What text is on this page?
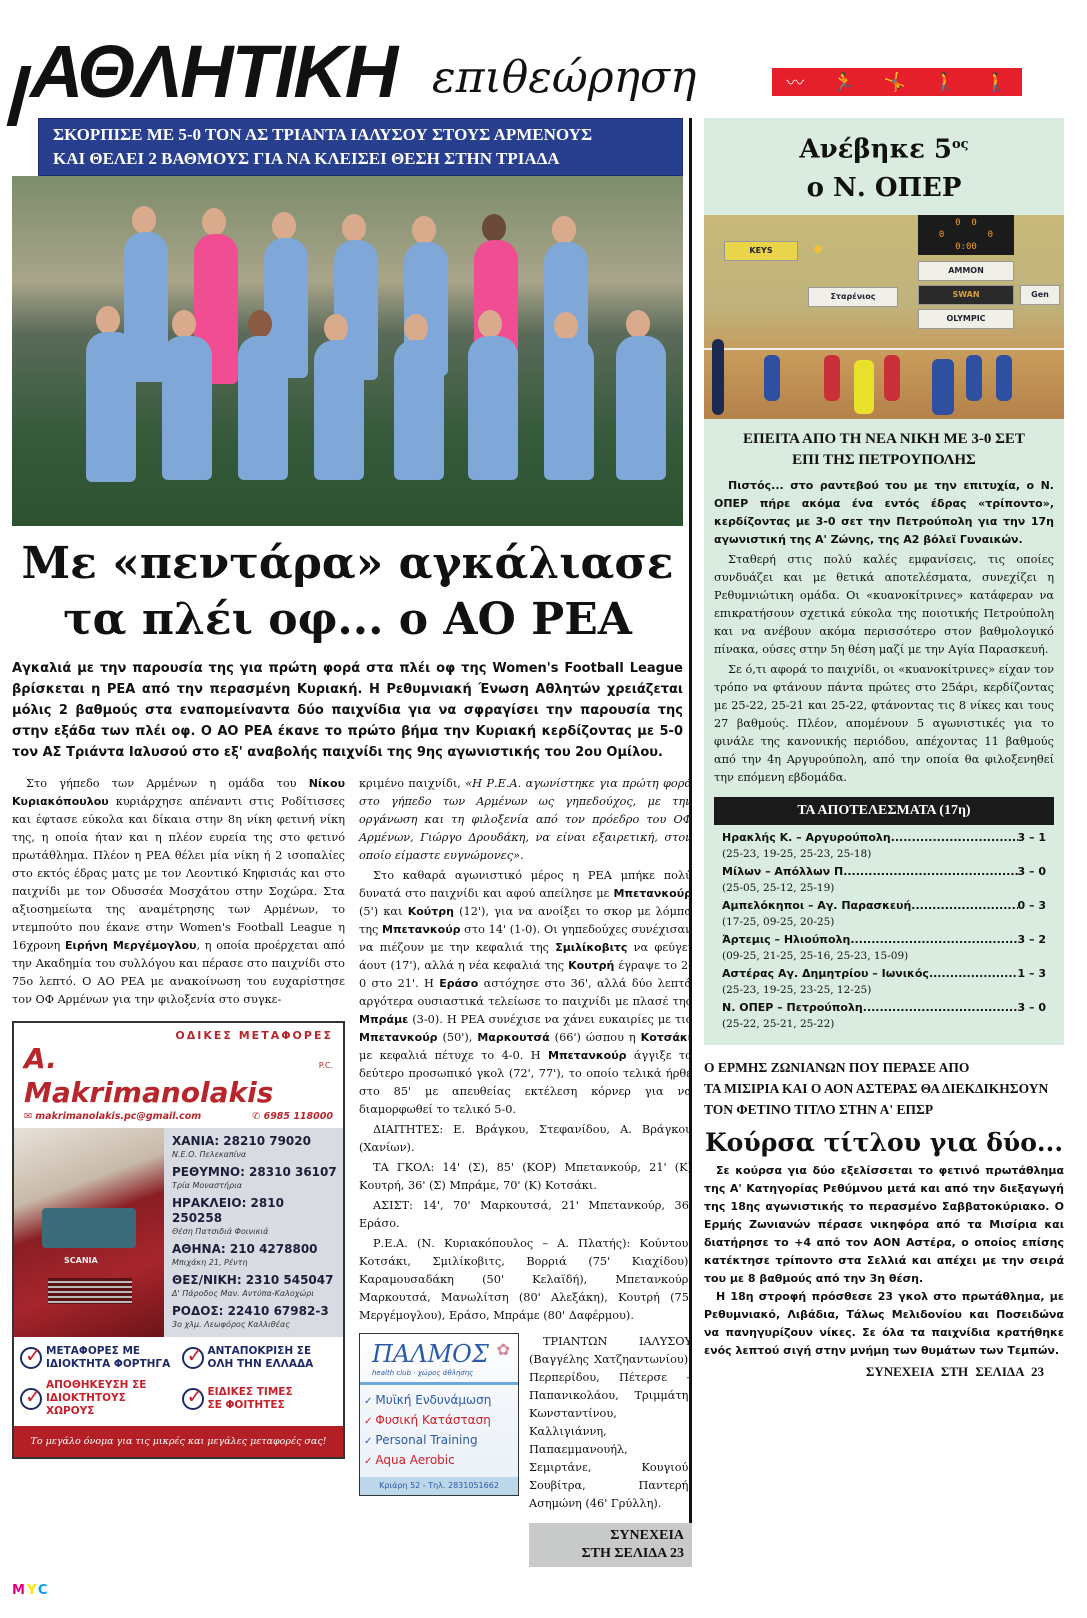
ΑΘΛΗΤΙΚΗ επιθεώρηση	〰 🏃 🤸 🚶 🚶
ΣΚΟΡΠΙΣΕ ΜΕ 5-0 ΤΟΝ ΑΣ ΤΡΙΑΝΤΑ ΙΑΛΥΣΟΥ ΣΤΟΥΣ ΑΡΜΕΝΟΥΣ
ΚΑΙ ΘΕΛΕΙ 2 ΒΑΘΜΟΥΣ ΓΙΑ ΝΑ ΚΛΕΙΣΕΙ ΘΕΣΗ ΣΤΗΝ ΤΡΙΑΔΑ
Με «πεντάρα» αγκάλιασε
τα πλέι οφ... ο ΑΟ ΡΕΑ
Αγκαλιά με την παρουσία της για πρώτη φορά στα πλέι οφ της Women's Football League βρίσκεται η ΡΕΑ από την περασμένη Κυριακή. Η Ρεθυμνιακή Ένωση Αθλητών χρειάζεται μόλις 2 βαθμούς στα εναπομείναντα δύο παιχνίδια για να σφραγίσει την παρουσία της στην εξάδα των πλέι οφ. Ο ΑΟ ΡΕΑ έκανε το πρώτο βήμα την Κυριακή κερδίζοντας με 5-0 τον ΑΣ Τριάντα Ιαλυσού στο εξ' αναβολής παιχνίδι της 9ης αγωνιστικής του 2ου Ομίλου.

Στο γήπεδο των Αρμένων η ομάδα του Νίκου Κυριακόπουλου κυριάρχησε απέναντι στις Ροδίτισσες και έφτασε εύκολα και δίκαια στην 8η νίκη φετινή νίκη της, η οποία ήταν και η πλέον ευρεία της στο φετινό πρωτάθλημα. Πλέον η ΡΕΑ θέλει μία νίκη ή 2 ισοπαλίες στο εκτός έδρας ματς με τον Λεοντικό Κηφισιάς και στο παιχνίδι με τον Οδυσσέα Μοσχάτου στην Σοχώρα. Στα αξιοσημείωτα της αναμέτρησης των Αρμένων, το ντεμπούτο που έκανε στην Women's Football League η 16χρονη Ειρήνη Μεργέμογλου, η οποία προέρχεται από την Ακαδημία του συλλόγου και πέρασε στο παιχνίδι στο 75ο λεπτό. Ο ΑΟ ΡΕΑ με ανακοίνωση του ευχαρίστησε τον ΟΦ Αρμένων για την φιλοξενία στο συγκε-

ΟΔΙΚΕΣ ΜΕΤΑΦΟΡΕΣ
A. Makrimanolakis
P.C.
✉ makrimanolakis.pc@gmail.com	✆ 6985 118000
SCANIA
ΧΑΝΙΑ: 28210 79020
Ν.Ε.Ο. Πελεκαπίνα
ΡΕΘΥΜΝΟ: 28310 36107
Τρία Μοναστήρια
ΗΡΑΚΛΕΙΟ: 2810 250258
Θέση Πατσιδιά Φοινικιά
ΑΘΗΝΑ: 210 4278800
Μπιχάκη 21, Ρέντη
ΘΕΣ/ΝΙΚΗ: 2310 545047
Δ' Πάροδος Μαν. Αντύπα-Καλοχώρι
ΡΟΔΟΣ: 22410 67982-3
3ο χλμ. Λεωφόρος Καλλιθέας
✓
ΜΕΤΑΦΟΡΕΣ ΜΕ
ΙΔΙΟΚΤΗΤΑ ΦΟΡΤΗΓΑ
✓
ΑΝΤΑΠΟΚΡΙΣΗ ΣΕ
ΟΛΗ ΤΗΝ ΕΛΛΑΔΑ
✓
ΑΠΟΘΗΚΕΥΣΗ ΣΕ
ΙΔΙΟΚΤΗΤΟΥΣ ΧΩΡΟΥΣ
✓
ΕΙΔΙΚΕΣ ΤΙΜΕΣ
ΣΕ ΦΟΙΤΗΤΕΣ
Το μεγάλο όνομα για τις μικρές και μεγάλες μεταφορές σας!

κριμένο παιχνίδι, «Η Ρ.Ε.Α. αγωνίστηκε για πρώτη φορά στο γήπεδο των Αρμένων ως γηπεδούχος, με την οργάνωση και τη φιλοξενία από τον πρόεδρο του ΟΦ Αρμένων, Γιώργο Δρουδάκη, να είναι εξαιρετική, στον οποίο είμαστε ευγνώμονες».

Στο καθαρά αγωνιστικό μέρος η ΡΕΑ μπήκε πολύ δυνατά στο παιχνίδι και αφού απείλησε με Μπετανκούρ (5') και Κούτρη (12'), για να ανοίξει το σκορ με λόμπα της Μπετανκούρ στο 14' (1-0). Οι γηπεδούχες συνέχισαν να πιέζουν με την κεφαλιά της Σμιλίκοβιτς να φεύγει άουτ (17'), αλλά η νέα κεφαλιά της Κουτρή έγραψε το 2-0 στο 21'. Η Εράσο αστόχησε στο 36', αλλά δύο λεπτά αργότερα ουσιαστικά τελείωσε το παιχνίδι με πλασέ της Μπράμε (3-0). Η ΡΕΑ συνέχισε να χάνει ευκαιρίες με τις Μπετανκούρ (50'), Μαρκουτσά (66') ώσπου η Κοτσάκι με κεφαλιά πέτυχε το 4-0. Η Μπετανκούρ άγγιξε το δεύτερο προσωπικό γκολ (72', 77'), το οποίο τελικά ήρθε στο 85' με απευθείας εκτέλεση κόρνερ για να διαμορφωθεί το τελικό 5-0.

ΔΙΑΙΤΗΤΕΣ: Ε. Βράγκου, Στεφανίδου, Α. Βράγκου (Χανίων).

ΤΑ ΓΚΟΛ: 14' (Σ), 85' (ΚΟΡ) Μπετανκούρ, 21' (Κ) Κουτρή, 36' (Σ) Μπράμε, 70' (Κ) Κοτσάκι.

ΑΣΙΣΤ: 14', 70' Μαρκουτσά, 21' Μπετανκούρ, 36' Εράσο.

Ρ.Ε.Α. (Ν. Κυριακόπουλος – Α. Πλατής): Κούντου, Κοτσάκι, Σμιλίκοβιτς, Βορριά (75' Κιαχίδου), Καραμουσαδάκη (50' Κελαϊδή), Μπετανκούρ, Μαρκουτσά, Μανωλίτση (80' Αλεξάκη), Κουτρή (75' Μεργέμογλου), Εράσο, Μπράμε (80' Δαφέρμου).

ΠΑΛΜΟΣ ✿
health club · χώρος άθλησης
✓ Μυϊκή Ενδυνάμωση
✓ Φυσική Κατάσταση
✓ Personal Training
✓ Aqua Aerobic
Κριάρη 52 - Τηλ. 2831051662

ΤΡΙΑΝΤΩΝ ΙΑΛΥΣΟΥ (Βαγγέλης Χατζηαντωνίου): Περπερίδου, Πέτερσε – Παπανικολάου, Τριμμάτη, Κωνσταντίνου, Καλλιγιάννη, Παπαεμμανουήλ, Σεμιρτάνε, Κουγιού, Σουβίτρα, Παντερή, Ασημώνη (46' Γρύλλη).

ΣΥΝΕΧΕΙΑ
ΣΤΗ ΣΕΛΙΔΑ 23
Ανέβηκε $5^{o\varsigma}$
ο Ν. ΟΠΕΡ
0  0
0        0
0:00
KEYS
Σταρένιος
AMMON
SWAN
OLYMPIC
Gen
ΕΠΕΙΤΑ ΑΠΟ ΤΗ ΝΕΑ ΝΙΚΗ ΜΕ 3-0 ΣΕΤ
ΕΠΙ ΤΗΣ ΠΕΤΡΟΥΠΟΛΗΣ

Πιστός... στο ραντεβού του με την επιτυχία, ο Ν. ΟΠΕΡ πήρε ακόμα ένα εντός έδρας «τρίποντο», κερδίζοντας με 3-0 σετ την Πετρούπολη για την 17η αγωνιστική της Α' Ζώνης, της Α2 βόλεϊ Γυναικών.

Σταθερή στις πολύ καλές εμφανίσεις, τις οποίες συνδυάζει και με θετικά αποτελέσματα, συνεχίζει η Ρεθυμνιώτικη ομάδα. Οι «κυανοκίτρινες» κατάφεραν να επικρατήσουν σχετικά εύκολα της ποιοτικής Πετρούπολη και να ανέβουν ακόμα περισσότερο στον βαθμολογικό πίνακα, ούσες στην 5η θέση μαζί με την Αγία Παρασκευή.

Σε ό,τι αφορά το παιχνίδι, οι «κυανοκίτρινες» είχαν τον τρόπο να φτάνουν πάντα πρώτες στο 25άρι, κερδίζοντας με 25-22, 25-21 και 25-22, φτάνοντας τις 8 νίκες και τους 27 βαθμούς. Πλέον, απομένουν 5 αγωνιστικές για το φινάλε της κανονικής περιόδου, απέχοντας 11 βαθμούς από την 4η Αργυρούπολη, από την οποία θα φιλοξενηθεί την επόμενη εβδομάδα.

ΤΑ ΑΠΟΤΕΛΕΣΜΑΤΑ (17η)
Ηρακλής Κ. – Αργυρούπολη .....	3 – 1
(25-23, 19-25, 25-23, 25-18)
Μίλων – Απόλλων Π. .....	3 – 0
(25-05, 25-12, 25-19)
Αμπελόκηποι – Αγ. Παρασκευή .....	0 – 3
(17-25, 09-25, 20-25)
Άρτεμις – Ηλιούπολη .....	3 – 2
(09-25, 21-25, 25-16, 25-23, 15-09)
Αστέρας Αγ. Δημητρίου – Ιωνικός .....	1 – 3
(25-23, 19-25, 23-25, 12-25)
Ν. ΟΠΕΡ – Πετρούπολη .....	3 – 0
(25-22, 25-21, 25-22)
Ο ΕΡΜΗΣ ΖΩΝΙΑΝΩΝ ΠΟΥ ΠΕΡΑΣΕ ΑΠΟ
ΤΑ ΜΙΣΙΡΙΑ ΚΑΙ Ο ΑΟΝ ΑΣΤΕΡΑΣ ΘΑ ΔΙΕΚΔΙΚΗΣΟΥΝ
ΤΟΝ ΦΕΤΙΝΟ ΤΙΤΛΟ ΣΤΗΝ Α' ΕΠΣΡ
Κούρσα τίτλου για δύο...

Σε κούρσα για δύο εξελίσσεται το φετινό πρωτάθλημα της Α' Κατηγορίας Ρεθύμνου μετά και από την διεξαγωγή της 18ης αγωνιστικής το περασμένο Σαββατοκύριακο. Ο Ερμής Ζωνιανών πέρασε νικηφόρα από τα Μισίρια και διατήρησε το +4 από τον ΑΟΝ Αστέρα, ο οποίος επίσης κατέκτησε τρίποντο στα Σελλιά και απέχει με την σειρά του με 8 βαθμούς από την 3η θέση.

Η 18η στροφή πρόσθεσε 23 γκολ στο πρωτάθλημα, με Ρεθυμνιακό, Λιβάδια, Τάλως Μελιδονίου και Ποσειδώνα να πανηγυρίζουν νίκες. Σε όλα τα παιχνίδια κρατήθηκε ενός λεπτού σιγή στην μνήμη των θυμάτων των Τεμπών.

ΣΥΝΕΧΕΙΑ ΣΤΗ ΣΕΛΙΔΑ 23
MYC
